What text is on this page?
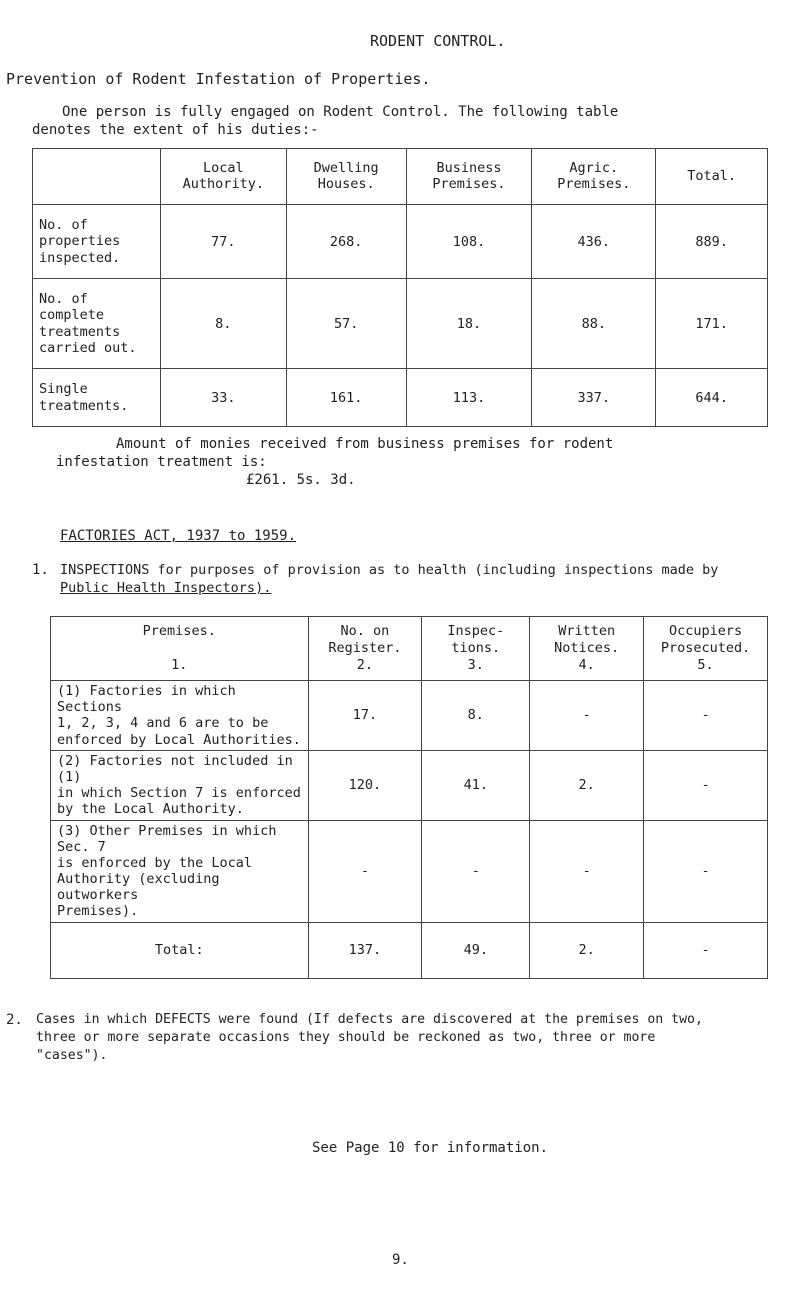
RODENT CONTROL.
Prevention of Rodent Infestation of Properties.
One person is fully engaged on Rodent Control. The following table
denotes the extent of his duties:-
	Local
Authority.	Dwelling
Houses.	Business
Premises.	Agric.
Premises.	Total.
No. of
properties
inspected.	77.	268.	108.	436.	889.
No. of
complete
treatments
carried out.	8.	57.	18.	88.	171.
Single
treatments.	33.	161.	113.	337.	644.
Amount of monies received from business premises for rodent
infestation treatment is:
£261. 5s. 3d.
FACTORIES ACT, 1937 to 1959.
1. INSPECTIONS for purposes of provision as to health (including inspections made by
Public Health Inspectors).
Premises.

1.	No. on
Register.
2.	Inspec-
tions.
3.	Written
Notices.
4.	Occupiers
Prosecuted.
5.
(1) Factories in which Sections
1, 2, 3, 4 and 6 are to be
enforced by Local Authorities.	17.	8.	-	-
(2) Factories not included in (1)
in which Section 7 is enforced
by the Local Authority.	120.	41.	2.	-
(3) Other Premises in which Sec. 7
is enforced by the Local
Authority (excluding outworkers
Premises).	-	-	-	-
Total:	137.	49.	2.	-
2. Cases in which DEFECTS were found (If defects are discovered at the premises on two,
three or more separate occasions they should be reckoned as two, three or more
"cases").
See Page 10 for information.
9.
